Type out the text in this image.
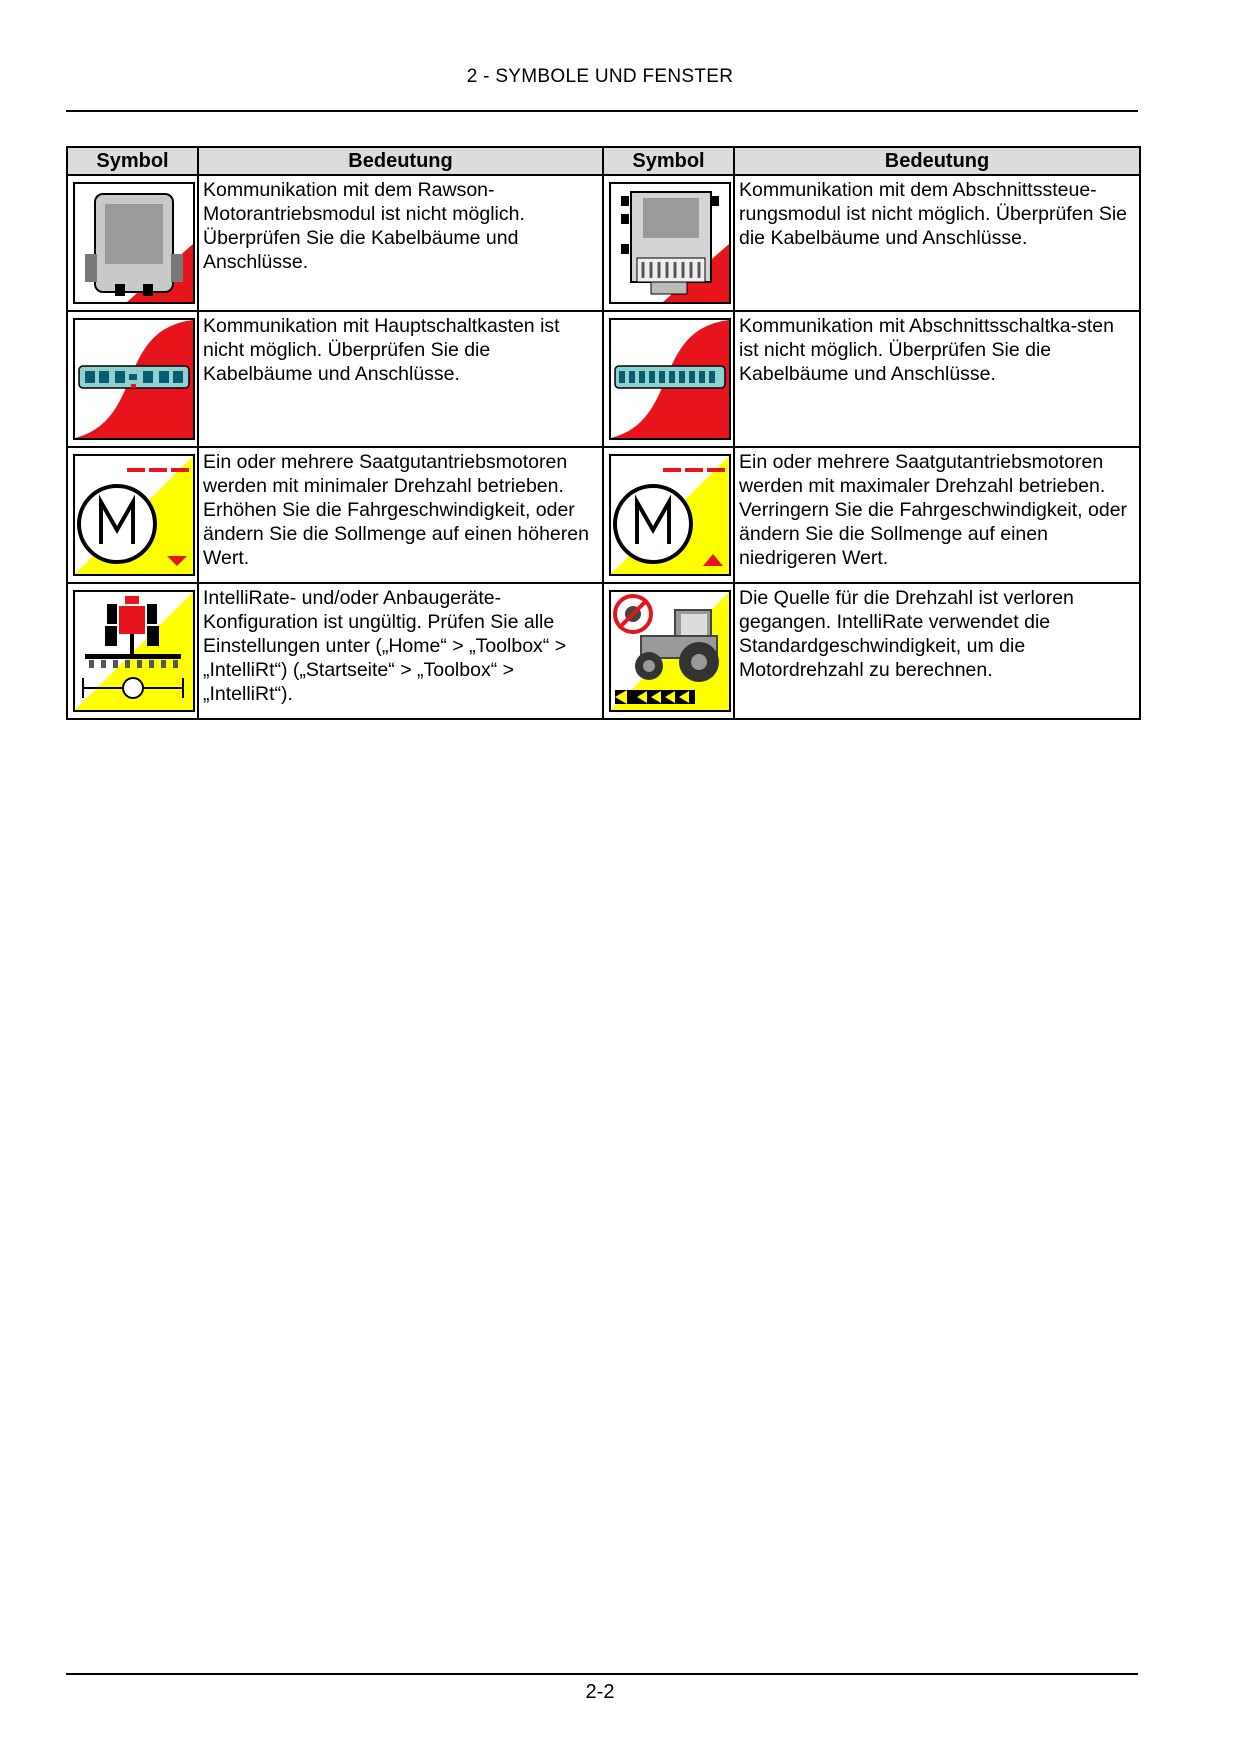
2 - SYMBOLE UND FENSTER
Symbol	Bedeutung	Symbol	Bedeutung

	Kommunikation mit dem Rawson-Motorantriebsmodul ist nicht möglich. Überprüfen Sie die Kabelbäume und Anschlüsse.		Kommunikation mit dem Abschnittssteue-rungsmodul ist nicht möglich. Überprüfen Sie die Kabelbäume und Anschlüsse.

	Kommunikation mit Hauptschaltkasten ist nicht möglich. Überprüfen Sie die Kabelbäume und Anschlüsse.		Kommunikation mit Abschnittsschaltka-sten ist nicht möglich. Überprüfen Sie die Kabelbäume und Anschlüsse.

	Ein oder mehrere Saatgutantriebsmotoren werden mit minimaler Drehzahl betrieben. Erhöhen Sie die Fahrgeschwindigkeit, oder ändern Sie die Sollmenge auf einen höheren Wert.		Ein oder mehrere Saatgutantriebsmotoren werden mit maximaler Drehzahl betrieben. Verringern Sie die Fahrgeschwindigkeit, oder ändern Sie die Sollmenge auf einen niedrigeren Wert.

	IntelliRate- und/oder Anbaugeräte-Konfiguration ist ungültig. Prüfen Sie alle Einstellungen unter („Home“ > „Toolbox“ > „IntelliRt“) („Startseite“ > „Toolbox“ > „IntelliRt“).		Die Quelle für die Drehzahl ist verloren gegangen. IntelliRate verwendet die Standardgeschwindigkeit, um die Motordrehzahl zu berechnen.
2-2
